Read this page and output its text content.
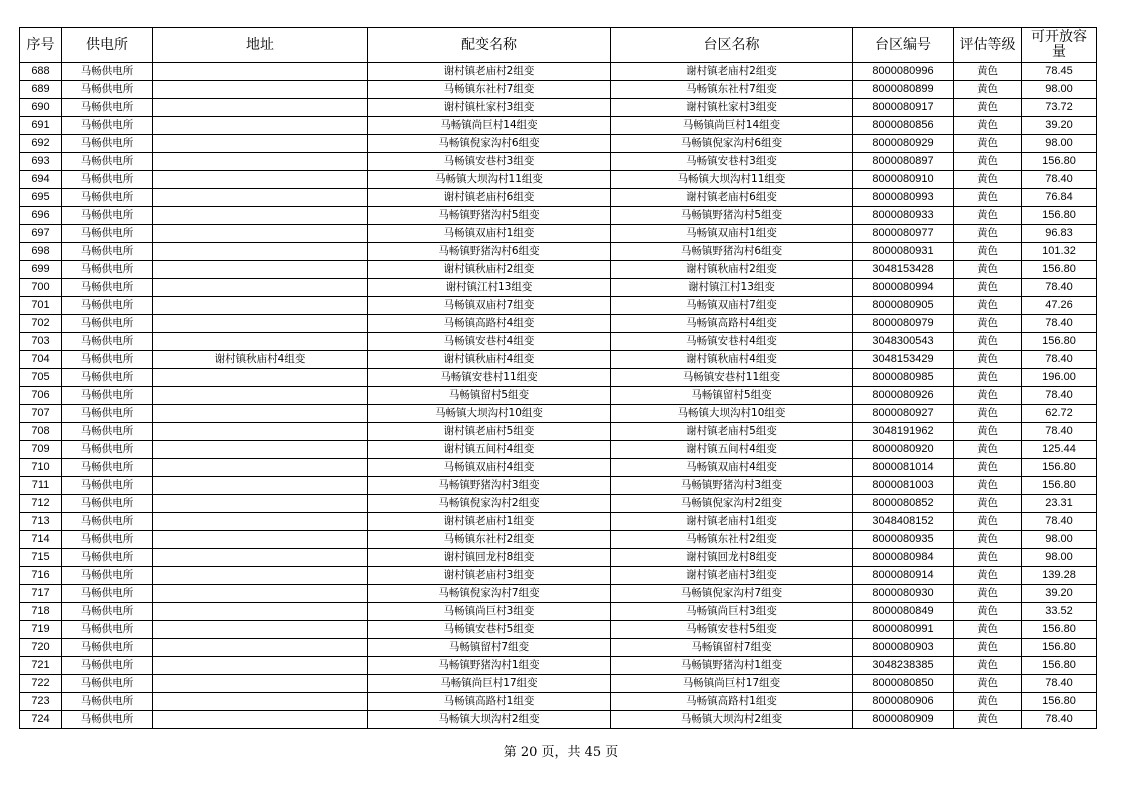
序号	供电所	地址	配变名称	台区名称	台区编号	评估等级	可开放容量
688	马畅供电所		谢村镇老庙村2组变	谢村镇老庙村2组变	8000080996	黄色	78.45
689	马畅供电所		马畅镇东社村7组变	马畅镇东社村7组变	8000080899	黄色	98.00
690	马畅供电所		谢村镇杜家村3组变	谢村镇杜家村3组变	8000080917	黄色	73.72
691	马畅供电所		马畅镇尚巨村14组变	马畅镇尚巨村14组变	8000080856	黄色	39.20
692	马畅供电所		马畅镇倪家沟村6组变	马畅镇倪家沟村6组变	8000080929	黄色	98.00
693	马畅供电所		马畅镇安巷村3组变	马畅镇安巷村3组变	8000080897	黄色	156.80
694	马畅供电所		马畅镇大坝沟村11组变	马畅镇大坝沟村11组变	8000080910	黄色	78.40
695	马畅供电所		谢村镇老庙村6组变	谢村镇老庙村6组变	8000080993	黄色	76.84
696	马畅供电所		马畅镇野猪沟村5组变	马畅镇野猪沟村5组变	8000080933	黄色	156.80
697	马畅供电所		马畅镇双庙村1组变	马畅镇双庙村1组变	8000080977	黄色	96.83
698	马畅供电所		马畅镇野猪沟村6组变	马畅镇野猪沟村6组变	8000080931	黄色	101.32
699	马畅供电所		谢村镇秋庙村2组变	谢村镇秋庙村2组变	3048153428	黄色	156.80
700	马畅供电所		谢村镇江村13组变	谢村镇江村13组变	8000080994	黄色	78.40
701	马畅供电所		马畅镇双庙村7组变	马畅镇双庙村7组变	8000080905	黄色	47.26
702	马畅供电所		马畅镇高路村4组变	马畅镇高路村4组变	8000080979	黄色	78.40
703	马畅供电所		马畅镇安巷村4组变	马畅镇安巷村4组变	3048300543	黄色	156.80
704	马畅供电所	谢村镇秋庙村4组变	谢村镇秋庙村4组变	谢村镇秋庙村4组变	3048153429	黄色	78.40
705	马畅供电所		马畅镇安巷村11组变	马畅镇安巷村11组变	8000080985	黄色	196.00
706	马畅供电所		马畅镇留村5组变	马畅镇留村5组变	8000080926	黄色	78.40
707	马畅供电所		马畅镇大坝沟村10组变	马畅镇大坝沟村10组变	8000080927	黄色	62.72
708	马畅供电所		谢村镇老庙村5组变	谢村镇老庙村5组变	3048191962	黄色	78.40
709	马畅供电所		谢村镇五间村4组变	谢村镇五间村4组变	8000080920	黄色	125.44
710	马畅供电所		马畅镇双庙村4组变	马畅镇双庙村4组变	8000081014	黄色	156.80
711	马畅供电所		马畅镇野猪沟村3组变	马畅镇野猪沟村3组变	8000081003	黄色	156.80
712	马畅供电所		马畅镇倪家沟村2组变	马畅镇倪家沟村2组变	8000080852	黄色	23.31
713	马畅供电所		谢村镇老庙村1组变	谢村镇老庙村1组变	3048408152	黄色	78.40
714	马畅供电所		马畅镇东社村2组变	马畅镇东社村2组变	8000080935	黄色	98.00
715	马畅供电所		谢村镇回龙村8组变	谢村镇回龙村8组变	8000080984	黄色	98.00
716	马畅供电所		谢村镇老庙村3组变	谢村镇老庙村3组变	8000080914	黄色	139.28
717	马畅供电所		马畅镇倪家沟村7组变	马畅镇倪家沟村7组变	8000080930	黄色	39.20
718	马畅供电所		马畅镇尚巨村3组变	马畅镇尚巨村3组变	8000080849	黄色	33.52
719	马畅供电所		马畅镇安巷村5组变	马畅镇安巷村5组变	8000080991	黄色	156.80
720	马畅供电所		马畅镇留村7组变	马畅镇留村7组变	8000080903	黄色	156.80
721	马畅供电所		马畅镇野猪沟村1组变	马畅镇野猪沟村1组变	3048238385	黄色	156.80
722	马畅供电所		马畅镇尚巨村17组变	马畅镇尚巨村17组变	8000080850	黄色	78.40
723	马畅供电所		马畅镇高路村1组变	马畅镇高路村1组变	8000080906	黄色	156.80
724	马畅供电所		马畅镇大坝沟村2组变	马畅镇大坝沟村2组变	8000080909	黄色	78.40
第 20 页，共 45 页
